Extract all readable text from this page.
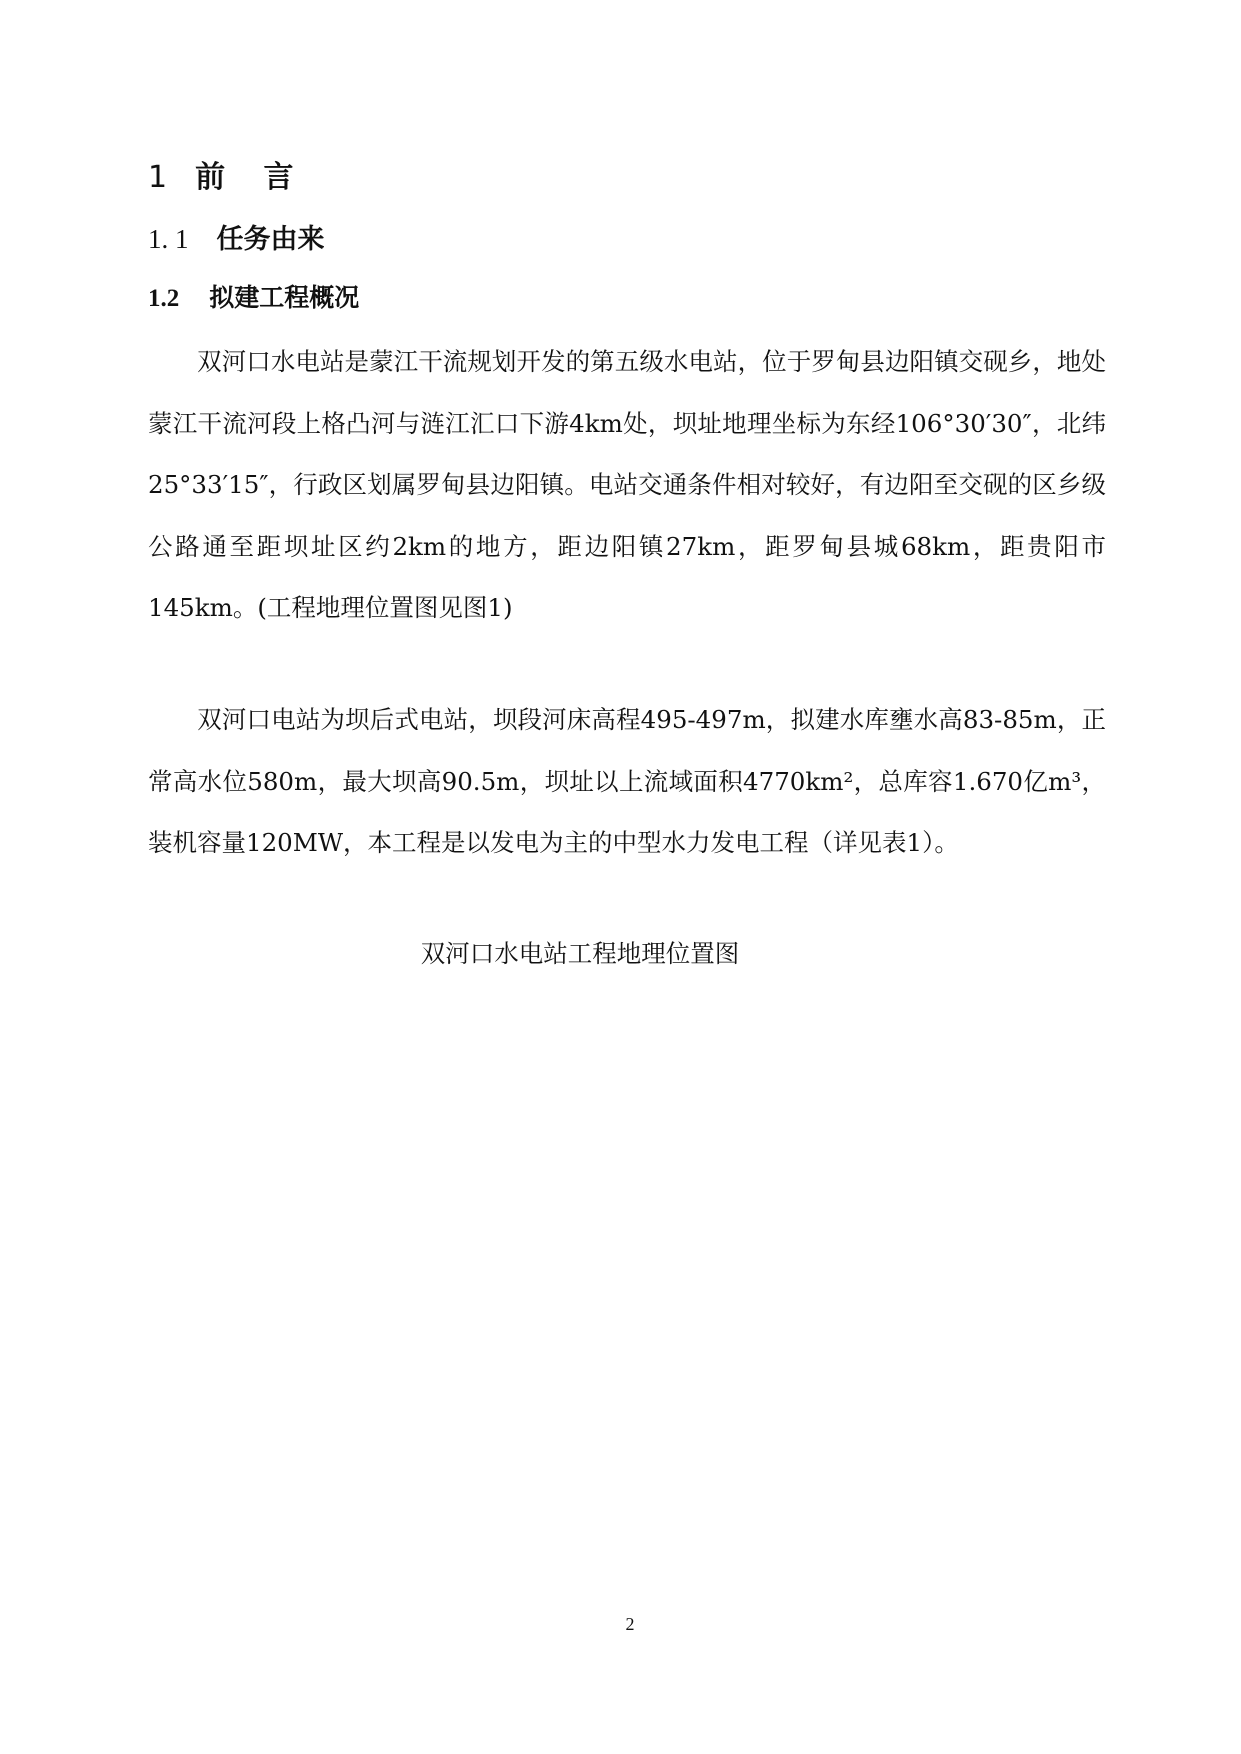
1 前 言
1. 1 任务由来
1.2 拟建工程概况
　　双河口水电站是蒙江干流规划开发的第五级水电站，位于罗甸县边阳镇交砚乡，地处蒙江干流河段上格凸河与涟江汇口下游4km处，坝址地理坐标为东经106°30′30″，北纬25°33′15″，行政区划属罗甸县边阳镇。电站交通条件相对较好，有边阳至交砚的区乡级公路通至距坝址区约2km的地方，距边阳镇27km，距罗甸县城68km，距贵阳市145km。(工程地理位置图见图1)
　　双河口电站为坝后式电站，坝段河床高程495-497m，拟建水库壅水高83-85m，正常高水位580m，最大坝高90.5m，坝址以上流域面积4770km²，总库容1.670亿m³，装机容量120MW，本工程是以发电为主的中型水力发电工程（详见表1）。
双河口水电站工程地理位置图
2
